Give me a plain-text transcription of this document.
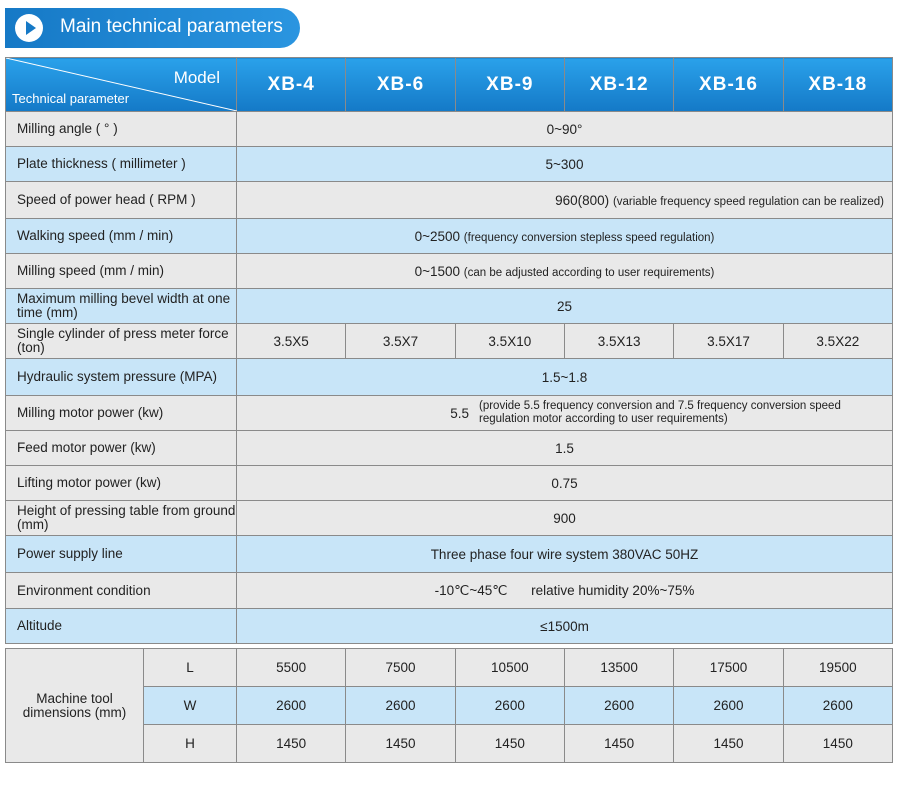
Main technical parameters
Model
Technical parameter	XB-4	XB-6	XB-9	XB-12	XB-16	XB-18
Milling angle ( ° )	0~90°					
Plate thickness ( millimeter )	5~300					
Speed of power head ( RPM )	960(800) (variable frequency speed regulation can be realized)					
Walking speed (mm / min)	0~2500 (frequency conversion stepless speed regulation)					
Milling speed (mm / min)	0~1500 (can be adjusted according to user requirements)					
Maximum milling bevel width at one time (mm)	25					
Single cylinder of press meter force (ton)	3.5X5	3.5X7	3.5X10	3.5X13	3.5X17	3.5X22
Hydraulic system pressure (MPA)	1.5~1.8					
Milling motor power (kw)	5.5 (provide 5.5 frequency conversion and 7.5 frequency conversion speed regulation motor according to user requirements)					

Feed motor power (kw)	1.5					
Lifting motor power (kw)	0.75					
Height of pressing table from ground (mm)	900					
Power supply line	Three phase four wire system 380VAC 50HZ					
Environment condition	-10℃~45℃ relative humidity 20%~75%					
Altitude	≤1500m					
Machine tool dimensions (mm)	L	5500	7500	10500	13500	17500	19500
	W	2600	2600	2600	2600	2600	2600
	H	1450	1450	1450	1450	1450	1450
